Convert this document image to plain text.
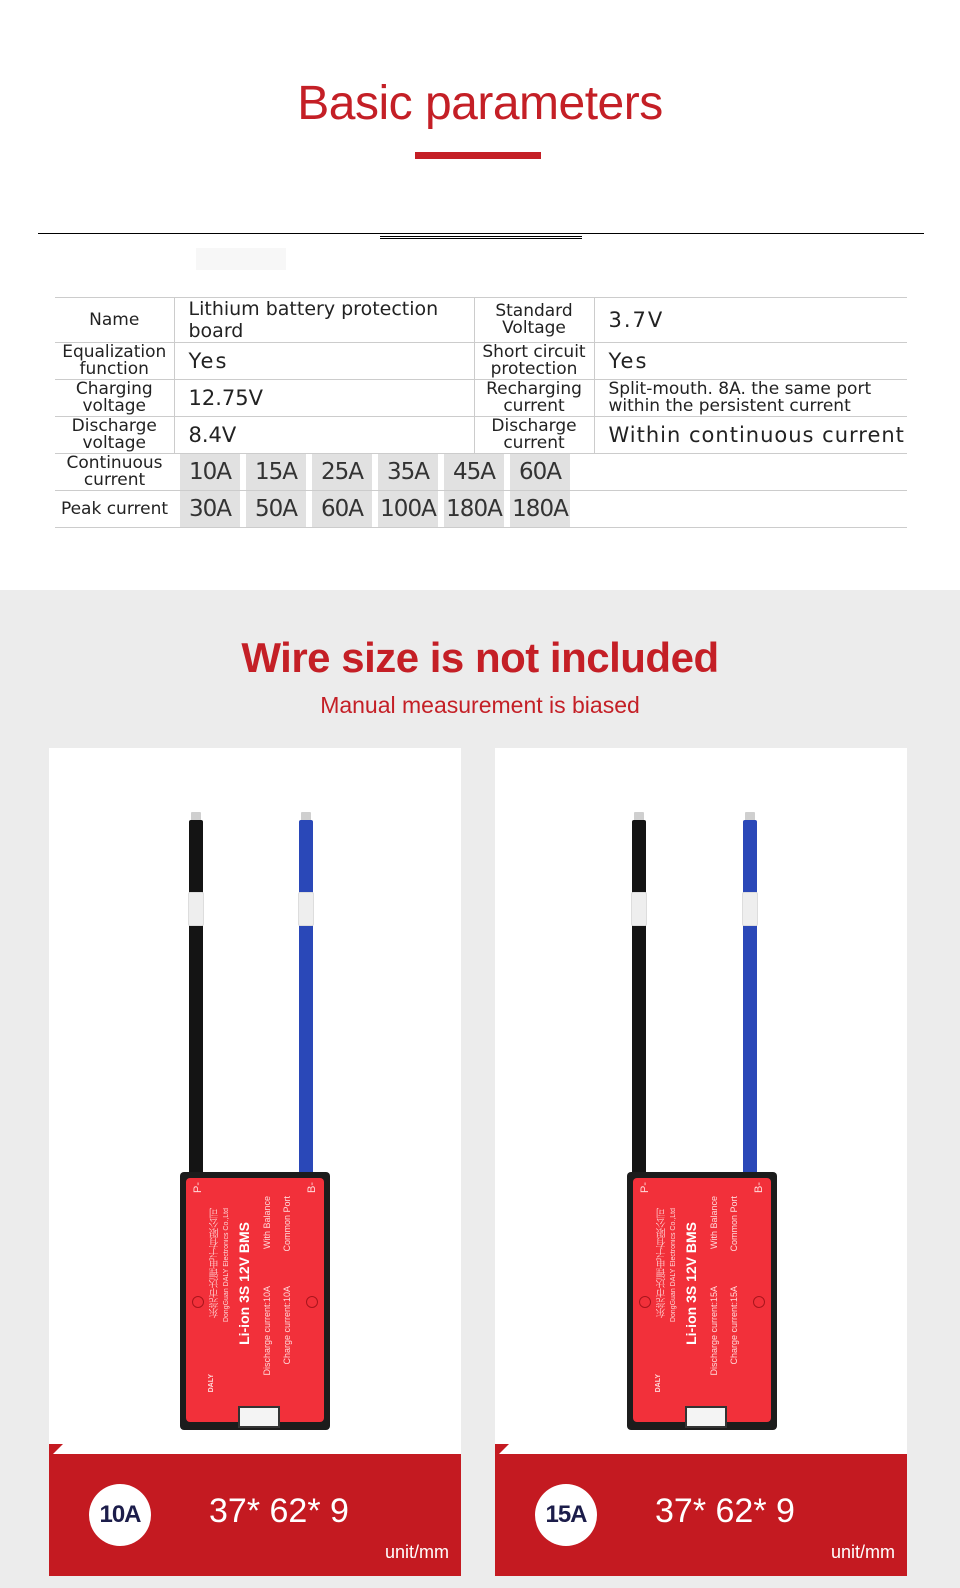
Basic parameters
Name	Lithium battery protection board	Standard Voltage	3.7V
Equalization function	Yes	Short circuit protection	Yes
Charging voltage	12.75V	Recharging current	Split-mouth. 8A. the same port within the persistent current
Discharge voltage	8.4V	Discharge current	Within continuous current
Continuous current	10A	15A	25A	35A	45A	60A

Peak current	30A	50A	60A 100A 180A 180A
Wire size is not included
Manual measurement is biased
P-	B-
东莞市达锂电子有限公司 DongGuan DALY Electronics Co.,Ltd Li-ion 3S 12V BMS With Balance
Discharge current:10A
Common Port
Charge current:10A
DALY
10A	37* 62* 9
unit/mm
P-	B-
东莞市达锂电子有限公司 DongGuan DALY Electronics Co.,Ltd Li-ion 3S 12V BMS With Balance
Discharge current:15A
Common Port
Charge current:15A
DALY
15A	37* 62* 9
unit/mm
